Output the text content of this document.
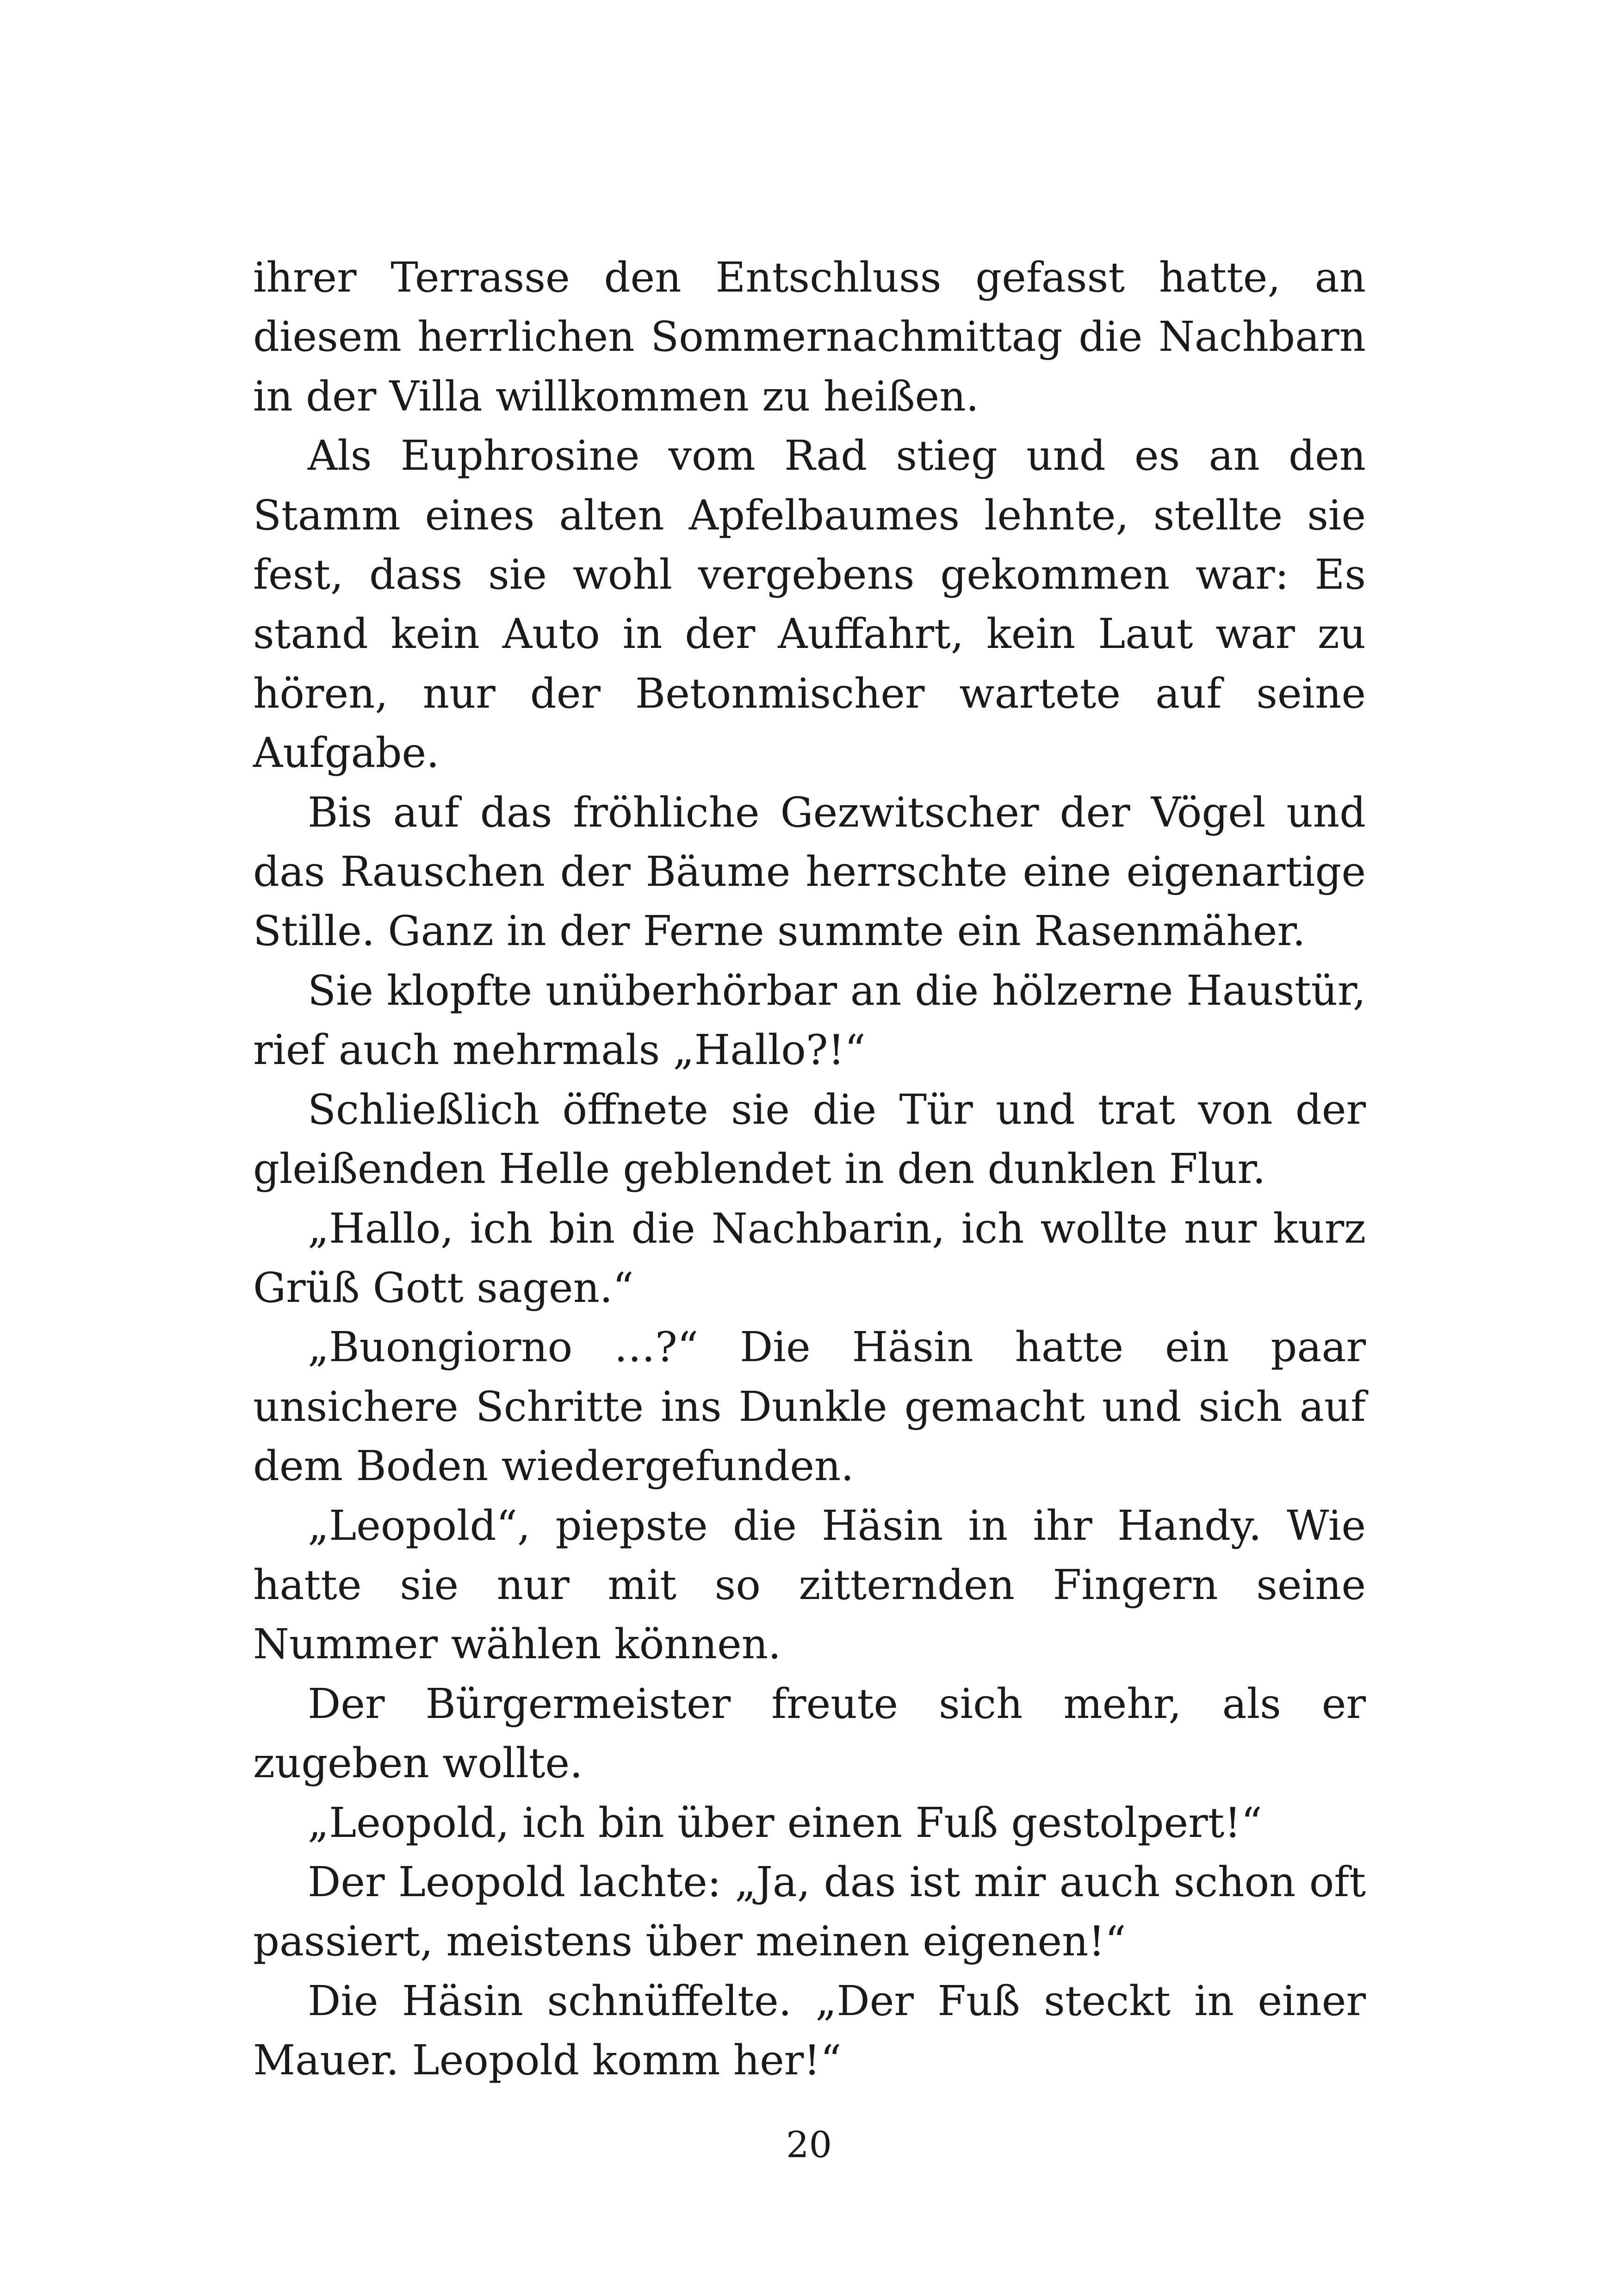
ihrer Terrasse den Entschluss gefasst hatte, an diesem herrlichen Sommernachmittag die Nachbarn in der Villa willkommen zu heißen.

Als Euphrosine vom Rad stieg und es an den Stamm eines alten Apfelbaumes lehnte, stellte sie fest, dass sie wohl vergebens gekommen war: Es stand kein Auto in der Auffahrt, kein Laut war zu hören, nur der Betonmischer wartete auf seine Aufgabe.

Bis auf das fröhliche Gezwitscher der Vögel und das Rauschen der Bäume herrschte eine eigenartige Stille. Ganz in der Ferne summte ein Rasenmäher.

Sie klopfte unüberhörbar an die hölzerne Haustür, rief auch mehrmals „Hallo?!“

Schließlich öffnete sie die Tür und trat von der gleißenden Helle geblendet in den dunklen Flur.

„Hallo, ich bin die Nachbarin, ich wollte nur kurz Grüß Gott sagen.“

„Buongiorno …?“ Die Häsin hatte ein paar unsichere Schritte ins Dunkle gemacht und sich auf dem Boden wiedergefunden.

„Leopold“, piepste die Häsin in ihr Handy. Wie hatte sie nur mit so zitternden Fingern seine Nummer wählen können.

Der Bürgermeister freute sich mehr, als er zugeben wollte.

„Leopold, ich bin über einen Fuß gestolpert!“

Der Leopold lachte: „Ja, das ist mir auch schon oft passiert, meistens über meinen eigenen!“

Die Häsin schnüffelte. „Der Fuß steckt in einer Mauer. Leopold komm her!“

20
